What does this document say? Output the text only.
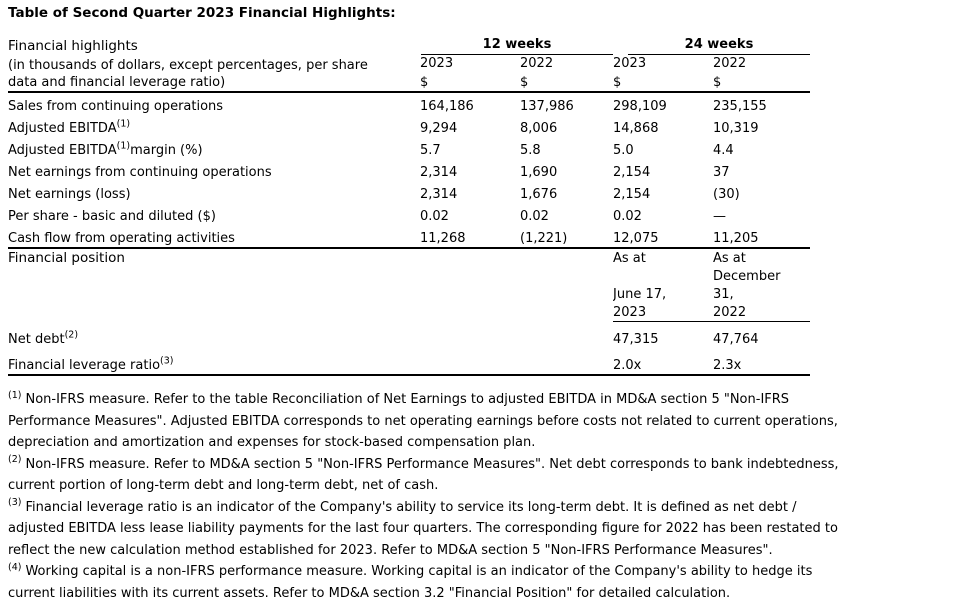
Table of Second Quarter 2023 Financial Highlights:

Financial highlights	12 weeks		24 weeks	

(in thousands of dollars, except percentages, per share data and financial leverage ratio)	2023	2022	2023	2022
	$	$	$	$
Sales from continuing operations	164,186	137,986	298,109	235,155
Adjusted EBITDA$^{(1)}$	9,294	8,006	14,868	10,319
Adjusted EBITDA$^{(1)}$margin (%)	5.7	5.8	5.0	4.4
Net earnings from continuing operations	2,314	1,690	2,154	37
Net earnings (loss)	2,314	1,676	2,154	(30)
Per share - basic and diluted ($)	0.02	0.02	0.02	—
Cash flow from operating activities	11,268	(1,221)	12,075	11,205
Financial position			As at	As at
				December
			June 17,	31,
			2023	2022
Net debt$^{(2)}$			47,315	47,764
Financial leverage ratio$^{(3)}$			2.0x	2.3x

$^{(1)}$ Non-IFRS measure. Refer to the table Reconciliation of Net Earnings to adjusted EBITDA in MD&A section 5 "Non-IFRS Performance Measures". Adjusted EBITDA corresponds to net operating earnings before costs not related to current operations, depreciation and amortization and expenses for stock-based compensation plan.

$^{(2)}$ Non-IFRS measure. Refer to MD&A section 5 "Non-IFRS Performance Measures". Net debt corresponds to bank indebtedness, current portion of long-term debt and long-term debt, net of cash.

$^{(3)}$ Financial leverage ratio is an indicator of the Company's ability to service its long-term debt. It is defined as net debt / adjusted EBITDA less lease liability payments for the last four quarters. The corresponding figure for 2022 has been restated to reflect the new calculation method established for 2023. Refer to MD&A section 5 "Non-IFRS Performance Measures".

$^{(4)}$ Working capital is a non-IFRS performance measure. Working capital is an indicator of the Company's ability to hedge its current liabilities with its current assets. Refer to MD&A section 3.2 "Financial Position" for detailed calculation.
